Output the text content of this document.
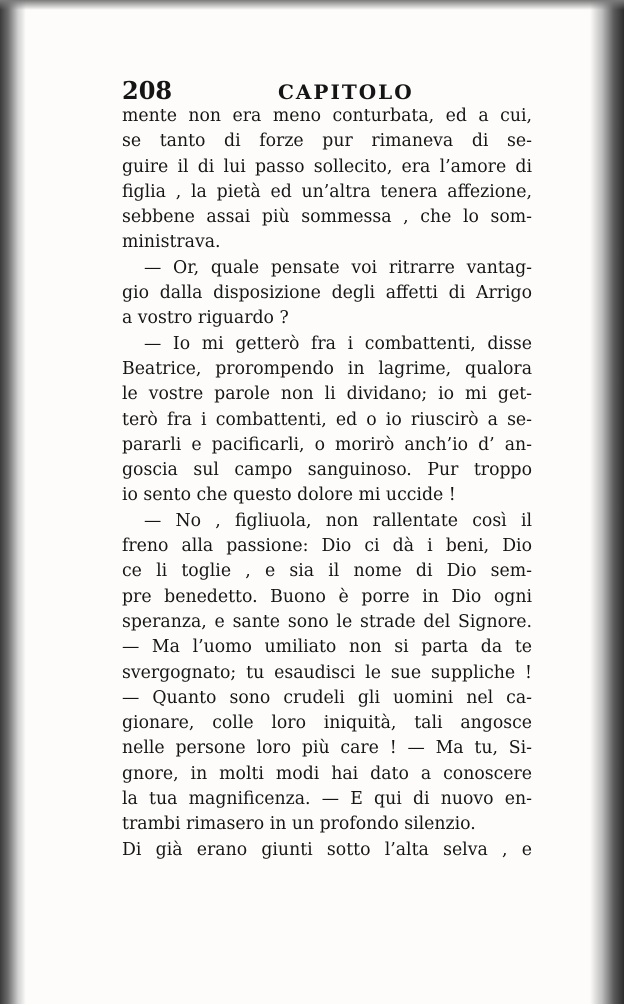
208	CAPITOLO
mente non era meno conturbata, ed a cui,
se tanto di forze pur rimaneva di se-
guire il di lui passo sollecito, era l’amore di
figlia , la pietà ed un’altra tenera affezione,
sebbene assai più sommessa , che lo som-
ministrava.
— Or, quale pensate voi ritrarre vantag-
gio dalla disposizione degli affetti di Arrigo
a vostro riguardo ?
— Io mi getterò fra i combattenti, disse
Beatrice, prorompendo in lagrime, qualora
le vostre parole non li dividano; io mi get-
terò fra i combattenti, ed o io riuscirò a se-
pararli e pacificarli, o morirò anch’io d’ an-
goscia sul campo sanguinoso. Pur troppo
io sento che questo dolore mi uccide !
— No , figliuola, non rallentate così il
freno alla passione: Dio ci dà i beni, Dio
ce li toglie , e sia il nome di Dio sem-
pre benedetto. Buono è porre in Dio ogni
speranza, e sante sono le strade del Signore.
— Ma l’uomo umiliato non si parta da te
svergognato; tu esaudisci le sue suppliche !
— Quanto sono crudeli gli uomini nel ca-
gionare, colle loro iniquità, tali angosce
nelle persone loro più care ! — Ma tu, Si-
gnore, in molti modi hai dato a conoscere
la tua magnificenza. — E qui di nuovo en-
trambi rimasero in un profondo silenzio.
Di già erano giunti sotto l’alta selva , e
